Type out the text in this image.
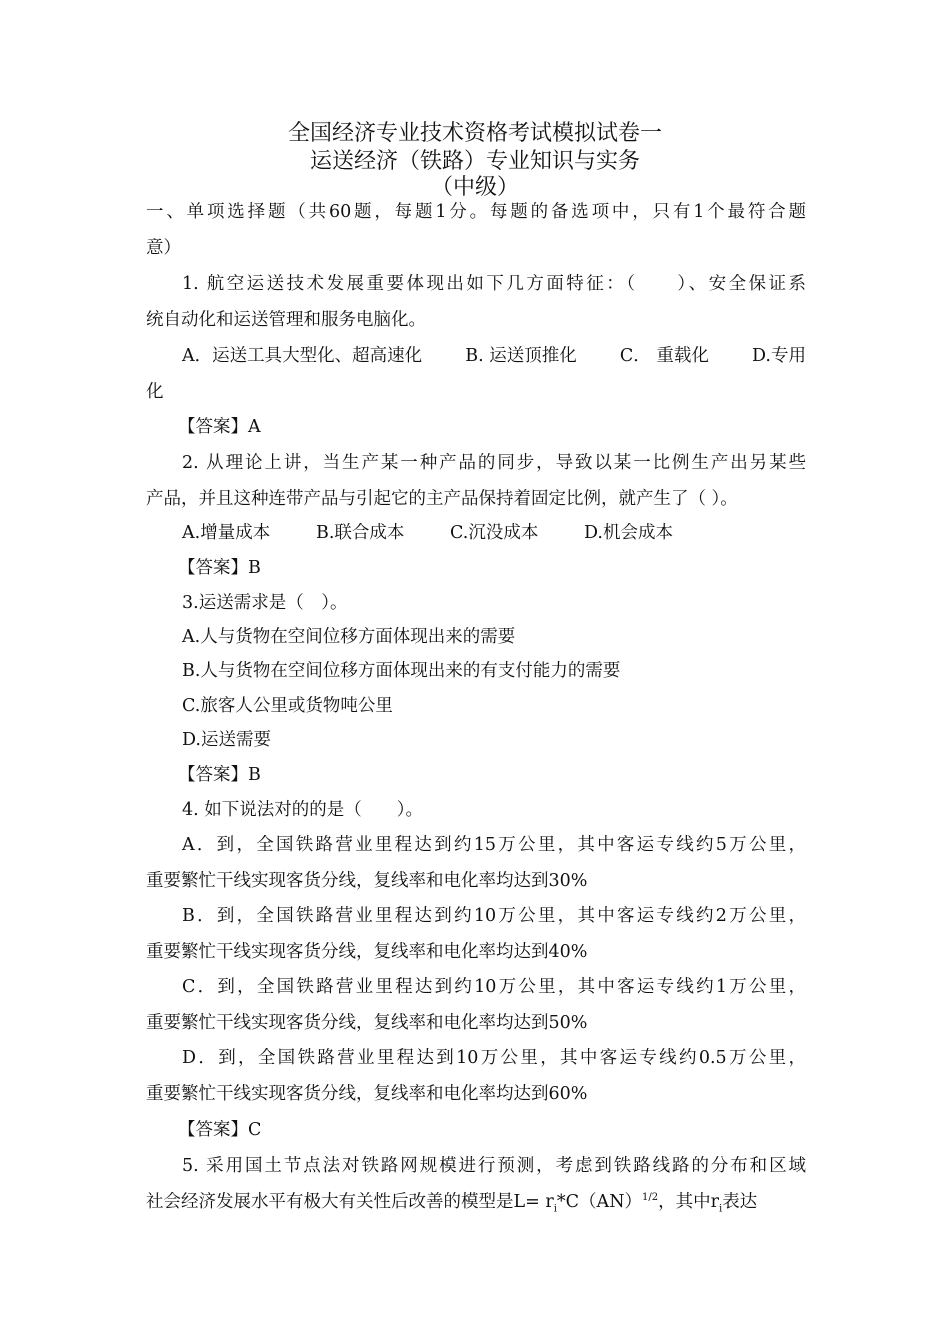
全国经济专业技术资格考试模拟试卷一
运送经济（铁路）专业知识与实务
（中级）
一、单项选择题（共60题，每题1分。每题的备选项中，只有1个最符合题
意）
1. 航空运送技术发展重要体现出如下几方面特征：（　　）、安全保证系
统自动化和运送管理和服务电脑化。
A．运送工具大型化、超高速化 B. 运送顶推化 C． 重载化 D.专用
化
【答案】A
2. 从理论上讲，当生产某一种产品的同步，导致以某一比例生产出另某些
产品，并且这种连带产品与引起它的主产品保持着固定比例，就产生了（ ）。
A.增量成本	B.联合成本	C.沉没成本	D.机会成本
【答案】B
3.运送需求是（　）。
A.人与货物在空间位移方面体现出来的需要
B.人与货物在空间位移方面体现出来的有支付能力的需要
C.旅客人公里或货物吨公里
D.运送需要
【答案】B
4. 如下说法对的的是（　　）。
A．到，全国铁路营业里程达到约15万公里，其中客运专线约5万公里，
重要繁忙干线实现客货分线，复线率和电化率均达到30%
B．到，全国铁路营业里程达到约10万公里，其中客运专线约2万公里，
重要繁忙干线实现客货分线，复线率和电化率均达到40%
C．到，全国铁路营业里程达到约10万公里，其中客运专线约1万公里，
重要繁忙干线实现客货分线，复线率和电化率均达到50%
D．到，全国铁路营业里程达到10万公里，其中客运专线约0.5万公里，
重要繁忙干线实现客货分线，复线率和电化率均达到60%
【答案】C
5. 采用国土节点法对铁路网规模进行预测，考虑到铁路线路的分布和区域
社会经济发展水平有极大有关性后改善的模型是$L= r_i*C(AN)^{1/2}$，其中$r_i$表达
